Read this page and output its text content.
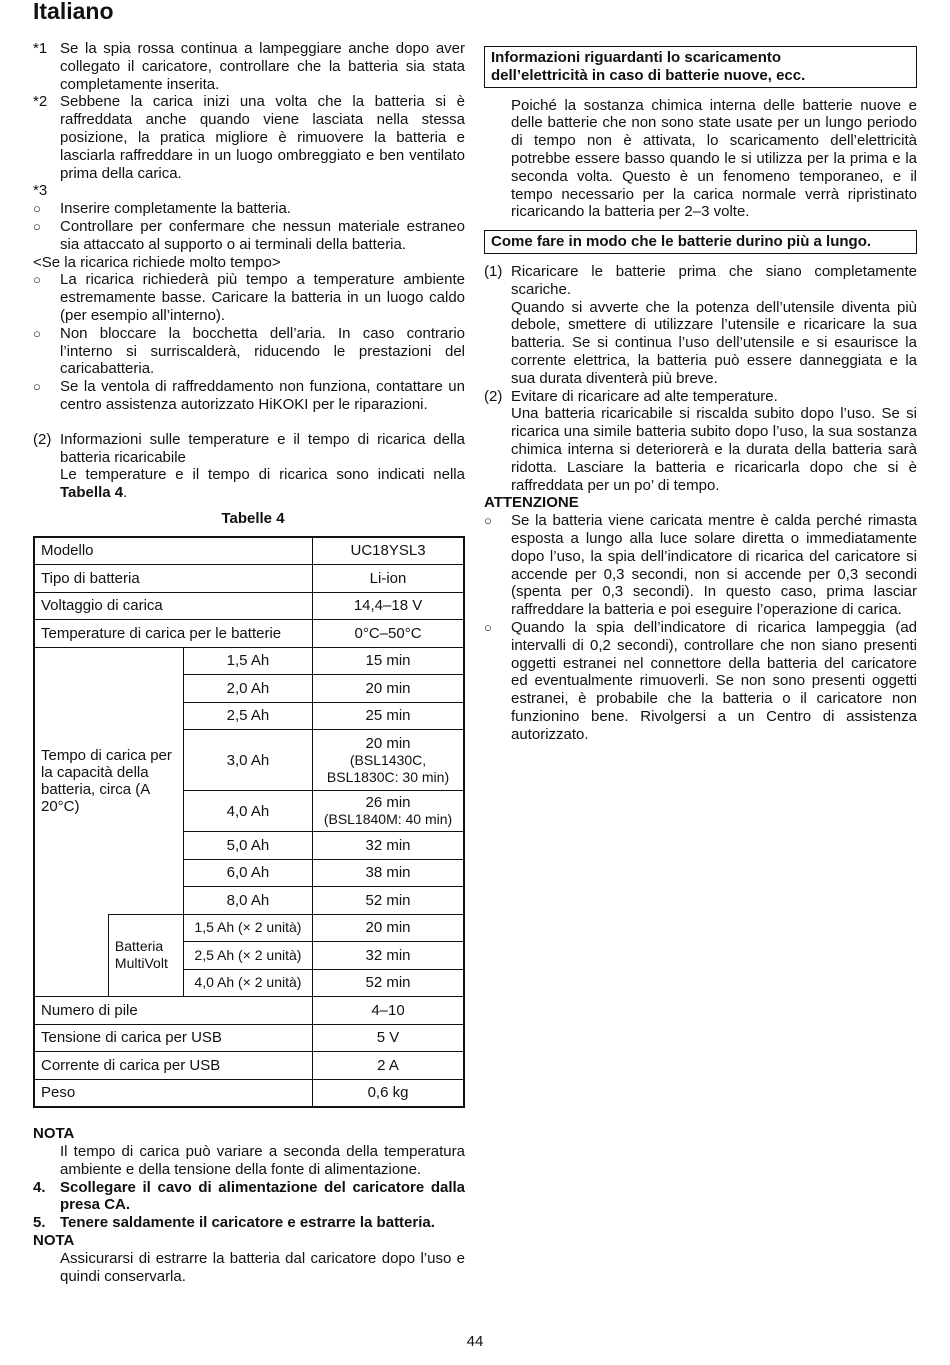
Italiano
*1 Se la spia rossa continua a lampeggiare anche dopo aver collegato il caricatore, controllare che la batteria sia stata completamente inserita.
*2 Sebbene la carica inizi una volta che la batteria si è raffreddata anche quando viene lasciata nella stessa posizione, la pratica migliore è rimuovere la batteria e lasciarla raffreddare in un luogo ombreggiato e ben ventilato prima della carica.
*3
○	Inserire completamente la batteria.
○	Controllare per confermare che nessun materiale estraneo sia attaccato al supporto o ai terminali della batteria.
<Se la ricarica richiede molto tempo>
○	La ricarica richiederà più tempo a temperature ambiente estremamente basse. Caricare la batteria in un luogo caldo (per esempio all’interno).
○	Non bloccare la bocchetta dell’aria. In caso contrario l’interno si surriscalderà, riducendo le prestazioni del caricabatteria.
○	Se la ventola di raffreddamento non funziona, contattare un centro assistenza autorizzato HiKOKI per le riparazioni.
(2) Informazioni sulle temperature e il tempo di ricarica della batteria ricaricabile
Le temperature e il tempo di ricarica sono indicati nella Tabella 4.
Tabelle 4
Modello			UC18YSL3
Tipo di batteria			Li-ion
Voltaggio di carica			14,4–18 V
Temperature di carica per le batterie			0°C–50°C
Tempo di carica per la capacità della batteria, circa (A 20°C)		1,5 Ah	15 min
		2,0 Ah	20 min
		2,5 Ah	25 min
		3,0 Ah	20 min
(BSL1430C, BSL1830C: 30 min)

		4,0 Ah	26 min
(BSL1840M: 40 min)

		5,0 Ah	32 min
		6,0 Ah	38 min
		8,0 Ah	52 min
	Batteria MultiVolt	1,5 Ah (× 2 unità)	20 min
		2,5 Ah (× 2 unità)	32 min
		4,0 Ah (× 2 unità)	52 min
Numero di pile			4–10
Tensione di carica per USB			5 V
Corrente di carica per USB			2 A
Peso			0,6 kg
NOTA
Il tempo di carica può variare a seconda della temperatura ambiente e della tensione della fonte di alimentazione.
4. Scollegare il cavo di alimentazione del caricatore dalla presa CA.
5. Tenere saldamente il caricatore e estrarre la batteria.
NOTA
Assicurarsi di estrarre la batteria dal caricatore dopo l’uso e quindi conservarla.
Informazioni riguardanti lo scaricamento
dell’elettricità in caso di batterie nuove, ecc.
Poiché la sostanza chimica interna delle batterie nuove e delle batterie che non sono state usate per un lungo periodo di tempo non è attivata, lo scaricamento dell’elettricità potrebbe essere basso quando le si utilizza per la prima e la seconda volta. Questo è un fenomeno temporaneo, e il tempo necessario per la carica normale verrà ripristinato ricaricando la batteria per 2–3 volte.
Come fare in modo che le batterie durino più a lungo.
(1) Ricaricare le batterie prima che siano completamente scariche.
Quando si avverte che la potenza dell’utensile diventa più debole, smettere di utilizzare l’utensile e ricaricare la sua batteria. Se si continua l’uso dell’utensile e si esaurisce la corrente elettrica, la batteria può essere danneggiata e la sua durata diventerà più breve.
(2) Evitare di ricaricare ad alte temperature.
Una batteria ricaricabile si riscalda subito dopo l’uso. Se si ricarica una simile batteria subito dopo l’uso, la sua sostanza chimica interna si deteriorerà e la durata della batteria sarà ridotta. Lasciare la batteria e ricaricarla dopo che si è raffreddata per un po’ di tempo.
ATTENZIONE
○	Se la batteria viene caricata mentre è calda perché rimasta esposta a lungo alla luce solare diretta o immediatamente dopo l’uso, la spia dell’indicatore di ricarica del caricatore si accende per 0,3 secondi, non si accende per 0,3 secondi (spenta per 0,3 secondi). In questo caso, prima lasciar raffreddare la batteria e poi eseguire l’operazione di carica.
○	Quando la spia dell’indicatore di ricarica lampeggia (ad intervalli di 0,2 secondi), controllare che non siano presenti oggetti estranei nel connettore della batteria del caricatore ed eventualmente rimuoverli. Se non sono presenti oggetti estranei, è probabile che la batteria o il caricatore non funzionino bene. Rivolgersi a un Centro di assistenza autorizzato.
44
